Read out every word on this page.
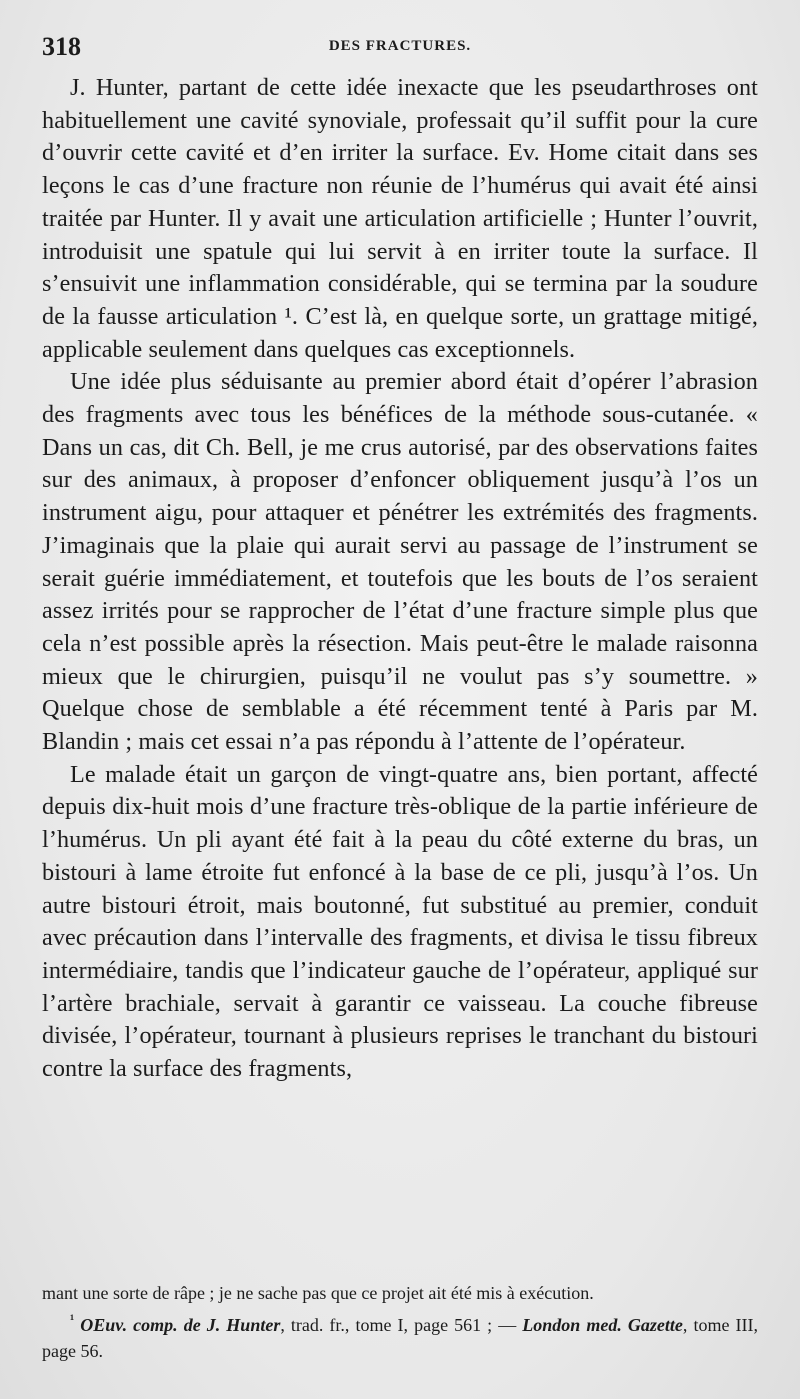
318	DES FRACTURES.

J. Hunter, partant de cette idée inexacte que les pseudarthroses ont habituellement une cavité synoviale, professait qu’il suffit pour la cure d’ouvrir cette cavité et d’en irriter la surface. Ev. Home citait dans ses leçons le cas d’une fracture non réunie de l’humérus qui avait été ainsi traitée par Hunter. Il y avait une articulation artificielle ; Hunter l’ouvrit, introduisit une spatule qui lui servit à en irriter toute la surface. Il s’ensuivit une inflammation considérable, qui se termina par la soudure de la fausse articulation ¹. C’est là, en quelque sorte, un grattage mitigé, applicable seulement dans quelques cas exceptionnels.

Une idée plus séduisante au premier abord était d’opérer l’abrasion des fragments avec tous les bénéfices de la méthode sous-cutanée. « Dans un cas, dit Ch. Bell, je me crus autorisé, par des observations faites sur des animaux, à proposer d’enfoncer obliquement jusqu’à l’os un instrument aigu, pour attaquer et pénétrer les extrémités des fragments. J’imaginais que la plaie qui aurait servi au passage de l’instrument se serait guérie immédiatement, et toutefois que les bouts de l’os seraient assez irrités pour se rapprocher de l’état d’une fracture simple plus que cela n’est possible après la résection. Mais peut-être le malade raisonna mieux que le chirurgien, puisqu’il ne voulut pas s’y soumettre. » Quelque chose de semblable a été récemment tenté à Paris par M. Blandin ; mais cet essai n’a pas répondu à l’attente de l’opérateur.

Le malade était un garçon de vingt-quatre ans, bien portant, affecté depuis dix-huit mois d’une fracture très-oblique de la partie inférieure de l’humérus. Un pli ayant été fait à la peau du côté externe du bras, un bistouri à lame étroite fut enfoncé à la base de ce pli, jusqu’à l’os. Un autre bistouri étroit, mais boutonné, fut substitué au premier, conduit avec précaution dans l’intervalle des fragments, et divisa le tissu fibreux intermédiaire, tandis que l’indicateur gauche de l’opérateur, appliqué sur l’artère brachiale, servait à garantir ce vaisseau. La couche fibreuse divisée, l’opérateur, tournant à plusieurs reprises le tranchant du bistouri contre la surface des fragments,

mant une sorte de râpe ; je ne sache pas que ce projet ait été mis à exécution.

$^{^1}$ OEuv. comp. de J. Hunter, trad. fr., tome I, page 561 ; — London med. Gazette, tome III, page 56.
